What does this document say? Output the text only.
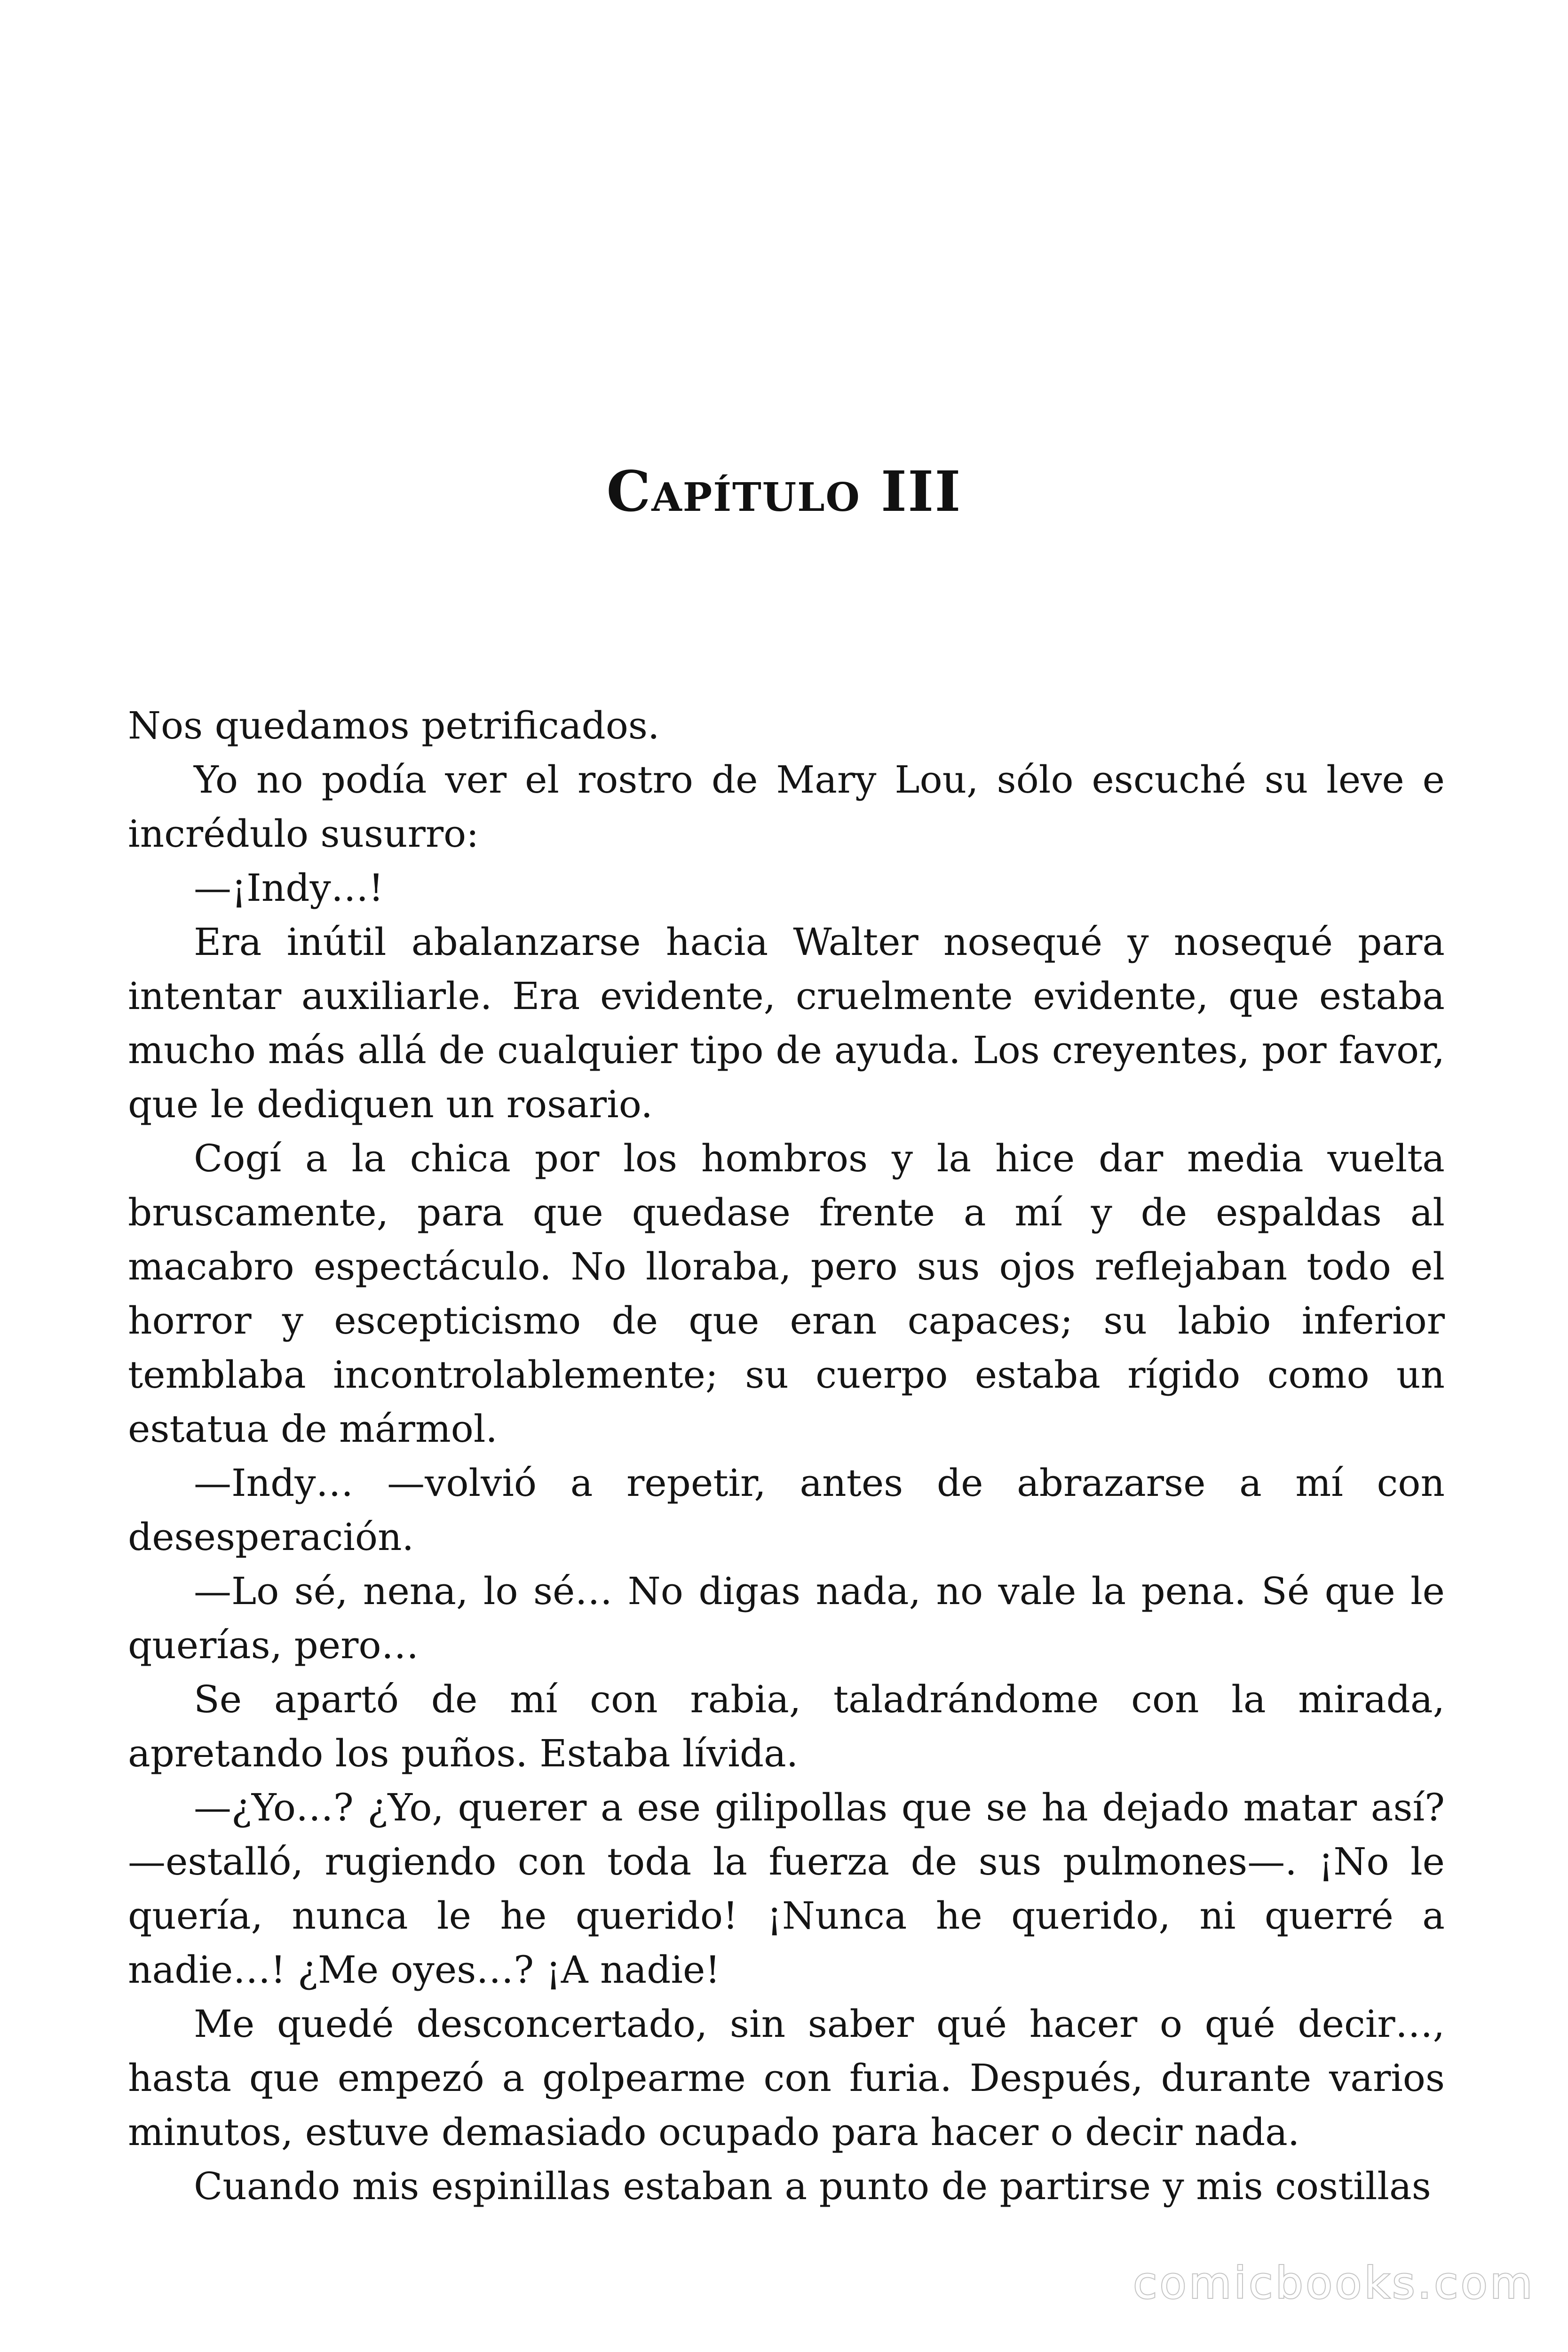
Capítulo III

Nos quedamos petrificados.

Yo no podía ver el rostro de Mary Lou, sólo escuché su leve e incrédulo susurro:

—¡Indy…!

Era inútil abalanzarse hacia Walter nosequé y nosequé para intentar auxiliarle. Era evidente, cruelmente evidente, que estaba mucho más allá de cualquier tipo de ayuda. Los creyentes, por favor, que le dediquen un rosario.

Cogí a la chica por los hombros y la hice dar media vuelta bruscamente, para que quedase frente a mí y de espaldas al macabro espectáculo. No lloraba, pero sus ojos reflejaban todo el horror y escepticismo de que eran capaces; su labio inferior temblaba incontrolablemente; su cuerpo estaba rígido como un estatua de mármol.

—Indy… —volvió a repetir, antes de abrazarse a mí con desesperación.

—Lo sé, nena, lo sé… No digas nada, no vale la pena. Sé que le querías, pero…

Se apartó de mí con rabia, taladrándome con la mirada, apretando los puños. Estaba lívida.

—¿Yo…? ¿Yo, querer a ese gilipollas que se ha dejado matar así? —estalló, rugiendo con toda la fuerza de sus pulmones—. ¡No le quería, nunca le he querido! ¡Nunca he querido, ni querré a nadie…! ¿Me oyes…? ¡A nadie!

Me quedé desconcertado, sin saber qué hacer o qué decir…, hasta que empezó a golpearme con furia. Después, durante varios minutos, estuve demasiado ocupado para hacer o decir nada.

Cuando mis espinillas estaban a punto de partirse y mis costillas

comicbooks.com
